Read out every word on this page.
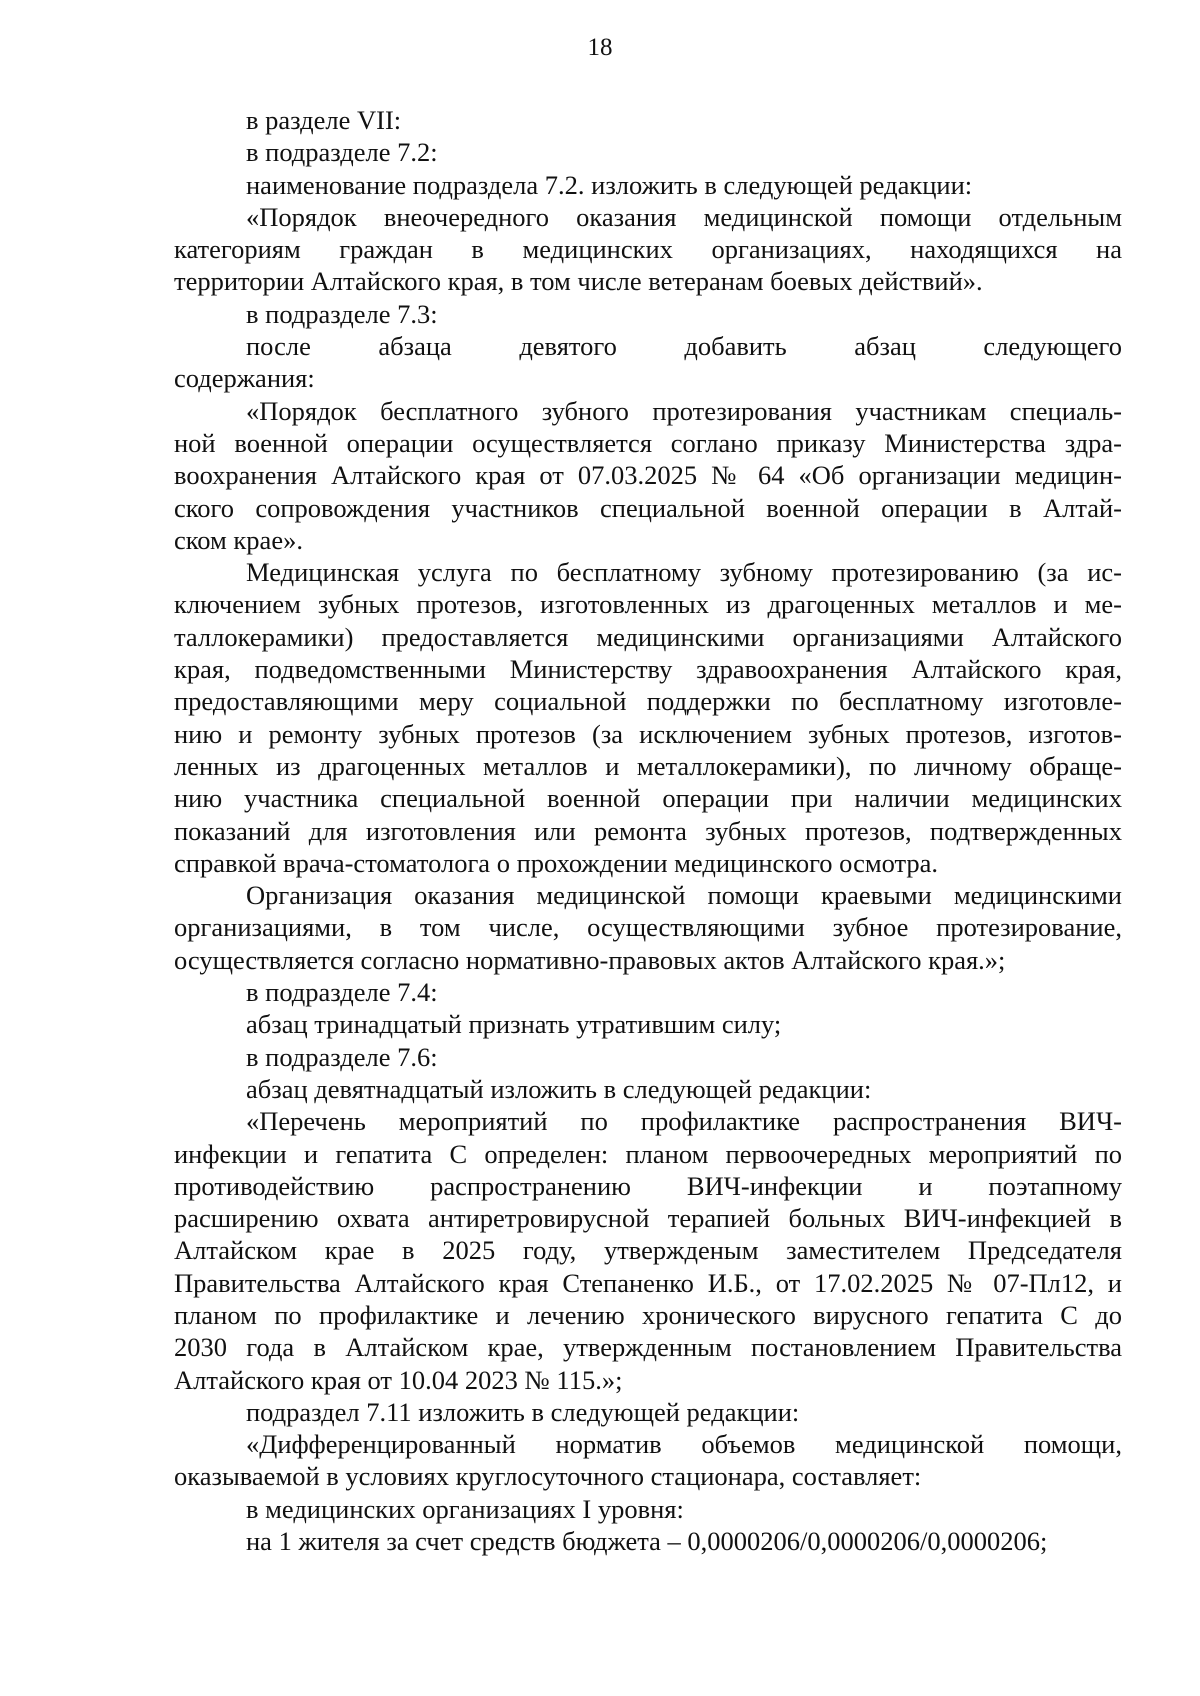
18
в разделе VII:
в подразделе 7.2:
наименование подраздела 7.2. изложить в следующей редакции:
«Порядок внеочередного оказания медицинской помощи отдельным
категориям граждан в медицинских организациях, находящихся на
территории Алтайского края, в том числе ветеранам боевых действий».
в подразделе 7.3:
после абзаца девятого добавить абзац следующего
содержания:
«Порядок бесплатного зубного протезирования участникам специаль-
ной военной операции осуществляется соглано приказу Министерства здра-
воохранения Алтайского края от 07.03.2025 № 64 «Об организации медицин-
ского сопровождения участников специальной военной операции в Алтай-
ском крае».
Медицинская услуга по бесплатному зубному протезированию (за ис-
ключением зубных протезов, изготовленных из драгоценных металлов и ме-
таллокерамики) предоставляется медицинскими организациями Алтайского
края, подведомственными Министерству здравоохранения Алтайского края,
предоставляющими меру социальной поддержки по бесплатному изготовле-
нию и ремонту зубных протезов (за исключением зубных протезов, изготов-
ленных из драгоценных металлов и металлокерамики), по личному обраще-
нию участника специальной военной операции при наличии медицинских
показаний для изготовления или ремонта зубных протезов, подтвержденных
справкой врача-стоматолога о прохождении медицинского осмотра.
Организация оказания медицинской помощи краевыми медицинскими
организациями, в том числе, осуществляющими зубное протезирование,
осуществляется согласно нормативно-правовых актов Алтайского края.»;
в подразделе 7.4:
абзац тринадцатый признать утратившим силу;
в подразделе 7.6:
абзац девятнадцатый изложить в следующей редакции:
«Перечень мероприятий по профилактике распространения ВИЧ-
инфекции и гепатита С определен: планом первоочередных мероприятий по
противодействию распространению ВИЧ-инфекции и поэтапному
расширению охвата антиретровирусной терапией больных ВИЧ-инфекцией в
Алтайском крае в 2025 году, утвержденым заместителем Председателя
Правительства Алтайского края Степаненко И.Б., от 17.02.2025 № 07-Пл12, и
планом по профилактике и лечению хронического вирусного гепатита С до
2030 года в Алтайском крае, утвержденным постановлением Правительства
Алтайского края от 10.04 2023 № 115.»;
подраздел 7.11 изложить в следующей редакции:
«Дифференцированный норматив объемов медицинской помощи,
оказываемой в условиях круглосуточного стационара, составляет:
в медицинских организациях I уровня:
на 1 жителя за счет средств бюджета – 0,0000206/0,0000206/0,0000206;
